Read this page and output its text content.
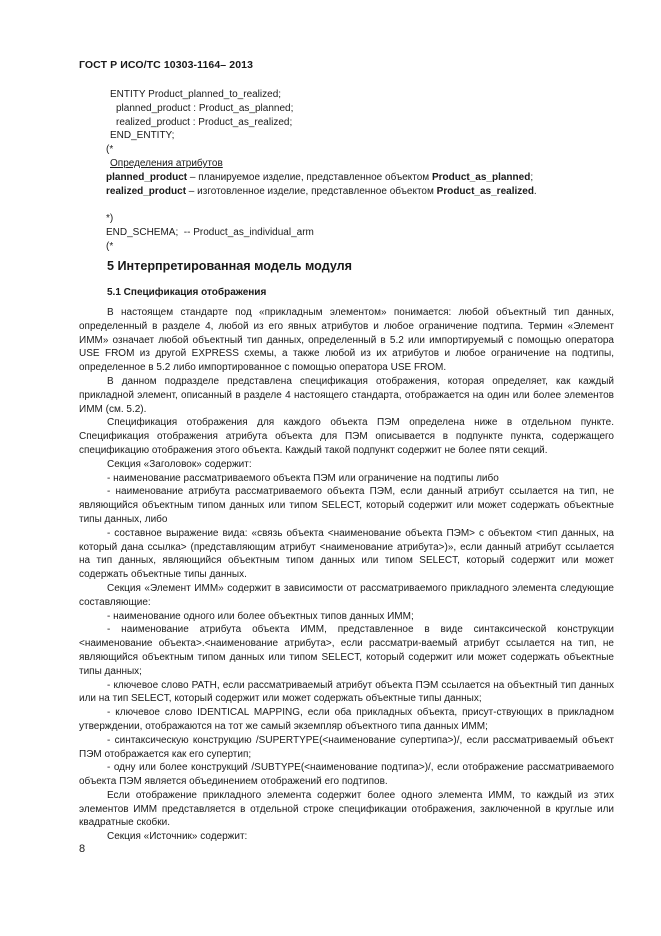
ГОСТ Р ИСО/ТС 10303-1164– 2013
ENTITY Product_planned_to_realized;
planned_product : Product_as_planned;
realized_product : Product_as_realized;
END_ENTITY;
(*
Определения атрибутов
planned_product – планируемое изделие, представленное объектом Product_as_planned;
realized_product – изготовленное изделие, представленное объектом Product_as_realized.
*)
END_SCHEMA;  -- Product_as_individual_arm
(*
5 Интерпретированная модель модуля
5.1 Спецификация отображения

В настоящем стандарте под «прикладным элементом» понимается: любой объектный тип данных, определенный в разделе 4, любой из его явных атрибутов и любое ограничение подтипа. Термин «Элемент ИММ» означает любой объектный тип данных, определенный в 5.2 или импортируемый с помощью оператора USE FROM из другой EXPRESS схемы, а также любой из их атрибутов и любое ограничение на подтипы, определенное в 5.2 либо импортированное с помощью оператора USE FROM.

В данном подразделе представлена спецификация отображения, которая определяет, как каждый прикладной элемент, описанный в разделе 4 настоящего стандарта, отображается на один или более элементов ИММ (см. 5.2).

Спецификация отображения для каждого объекта ПЭМ определена ниже в отдельном пункте. Спецификация отображения атрибута объекта для ПЭМ описывается в подпункте пункта, содержащего спецификацию отображения этого объекта. Каждый такой подпункт содержит не более пяти секций.

Секция «Заголовок» содержит:

- наименование рассматриваемого объекта ПЭМ или ограничение на подтипы либо

- наименование атрибута рассматриваемого объекта ПЭМ, если данный атрибут ссылается на тип, не являющийся объектным типом данных или типом SELECT, который содержит или может содержать объектные типы данных, либо

- составное выражение вида: «связь объекта <наименование объекта ПЭМ> с объектом <тип данных, на который дана ссылка> (представляющим атрибут <наименование атрибута>)», если данный атрибут ссылается на тип данных, являющийся объектным типом данных или типом SELECT, который содержит или может содержать объектные типы данных.

Секция «Элемент ИММ» содержит в зависимости от рассматриваемого прикладного элемента следующие составляющие:

- наименование одного или более объектных типов данных ИММ;

- наименование атрибута объекта ИММ, представленное в виде синтаксической конструкции <наименование объекта>.<наименование атрибута>, если рассматри-ваемый атрибут ссылается на тип, не являющийся объектным типом данных или типом SELECT, который содержит или может содержать объектные типы данных;

- ключевое слово PATH, если рассматриваемый атрибут объекта ПЭМ ссылается на объектный тип данных или на тип SELECT, который содержит или может содержать объектные типы данных;

- ключевое слово IDENTICAL MAPPING, если оба прикладных объекта, присут-ствующих в прикладном утверждении, отображаются на тот же самый экземпляр объектного типа данных ИММ;

- синтаксическую конструкцию /SUPERTYPE(<наименование супертипа>)/, если рассматриваемый объект ПЭМ отображается как его супертип;

- одну или более конструкций /SUBTYPE(<наименование подтипа>)/, если отображение рассматриваемого объекта ПЭМ является объединением отображений его подтипов.

Если отображение прикладного элемента содержит более одного элемента ИММ, то каждый из этих элементов ИММ представляется в отдельной строке спецификации отображения, заключенной в круглые или квадратные скобки.

Секция «Источник» содержит:

8
